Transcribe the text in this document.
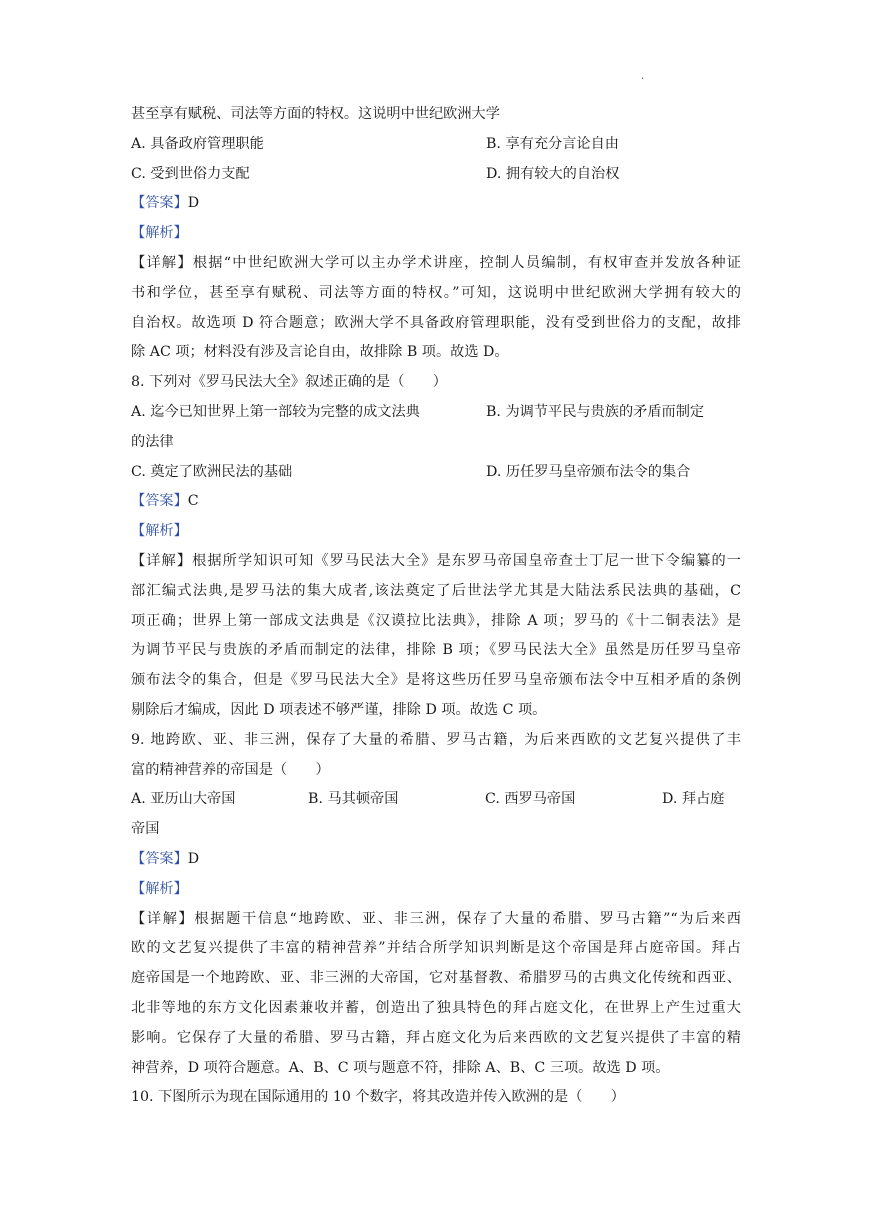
·
甚至享有赋税、司法等方面的特权。这说明中世纪欧洲大学
A. 具备政府管理职能	B. 享有充分言论自由
C. 受到世俗力支配	D. 拥有较大的自治权
【答案】D
【解析】
【详解】根据“中世纪欧洲大学可以主办学术讲座，控制人员编制，有权审查并发放各种证
书和学位，甚至享有赋税、司法等方面的特权。”可知，这说明中世纪欧洲大学拥有较大的
自治权。故选项 D 符合题意；欧洲大学不具备政府管理职能，没有受到世俗力的支配，故排
除 AC 项；材料没有涉及言论自由，故排除 B 项。故选 D。
8. 下列对《罗马民法大全》叙述正确的是（　　）
A. 迄今已知世界上第一部较为完整的成文法典	B. 为调节平民与贵族的矛盾而制定
的法律
C. 奠定了欧洲民法的基础	D. 历任罗马皇帝颁布法令的集合
【答案】C
【解析】
【详解】根据所学知识可知《罗马民法大全》是东罗马帝国皇帝查士丁尼一世下令编纂的一
部汇编式法典,是罗马法的集大成者,该法奠定了后世法学尤其是大陆法系民法典的基础，C
项正确；世界上第一部成文法典是《汉谟拉比法典》，排除 A 项；罗马的《十二铜表法》是
为调节平民与贵族的矛盾而制定的法律，排除 B 项；《罗马民法大全》虽然是历任罗马皇帝
颁布法令的集合，但是《罗马民法大全》是将这些历任罗马皇帝颁布法令中互相矛盾的条例
剔除后才编成，因此 D 项表述不够严谨，排除 D 项。故选 C 项。
9. 地跨欧、亚、非三洲，保存了大量的希腊、罗马古籍，为后来西欧的文艺复兴提供了丰
富的精神营养的帝国是（　　）
A. 亚历山大帝国	B. 马其顿帝国	C. 西罗马帝国	D. 拜占庭
帝国
【答案】D
【解析】
【详解】根据题干信息“地跨欧、亚、非三洲，保存了大量的希腊、罗马古籍”“为后来西
欧的文艺复兴提供了丰富的精神营养”并结合所学知识判断是这个帝国是拜占庭帝国。拜占
庭帝国是一个地跨欧、亚、非三洲的大帝国，它对基督教、希腊罗马的古典文化传统和西亚、
北非等地的东方文化因素兼收并蓄，创造出了独具特色的拜占庭文化，在世界上产生过重大
影响。它保存了大量的希腊、罗马古籍，拜占庭文化为后来西欧的文艺复兴提供了丰富的精
神营养，D 项符合题意。A、B、C 项与题意不符，排除 A、B、C 三项。故选 D 项。
10. 下图所示为现在国际通用的 10 个数字，将其改造并传入欧洲的是（　　）
